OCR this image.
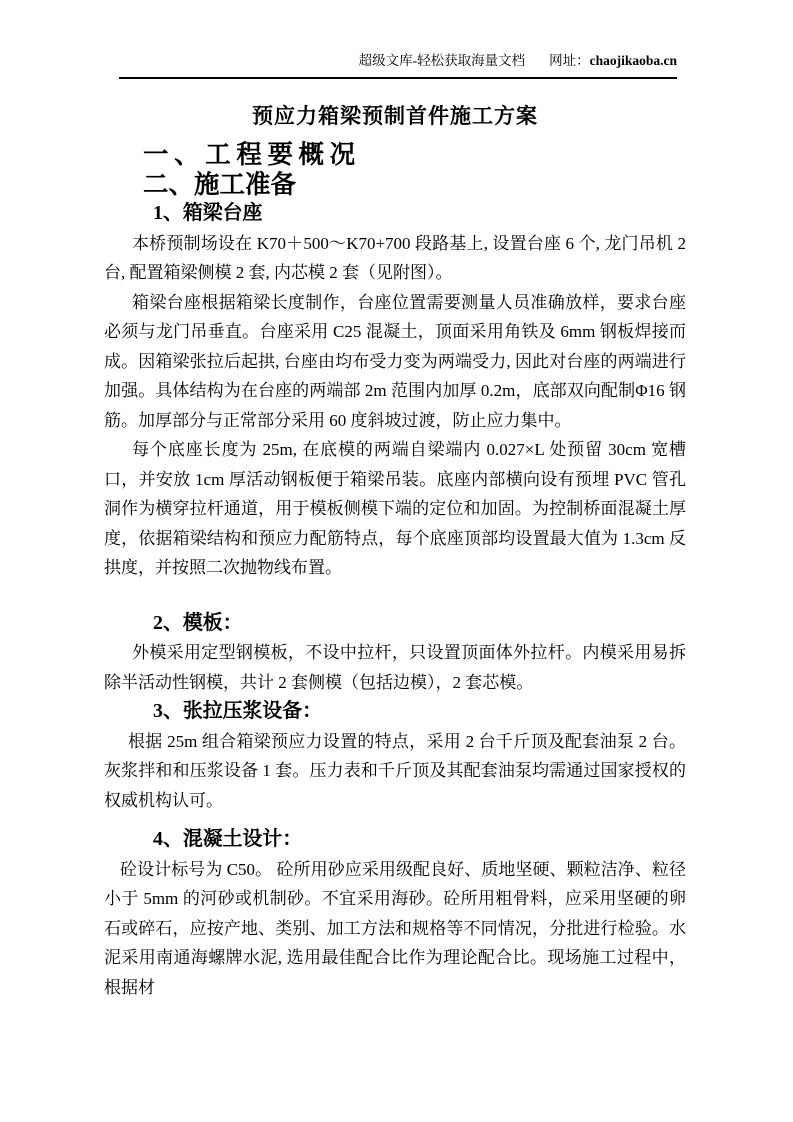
超级文库-轻松获取海量文档 网址：chaojikaoba.cn
预应力箱梁预制首件施工方案
一、工程要概况
二、施工准备
1、箱梁台座

本桥预制场设在 K70＋500～K70+700 段路基上, 设置台座 6 个, 龙门吊机 2 台, 配置箱梁侧模 2 套, 内芯模 2 套（见附图）。

箱梁台座根据箱梁长度制作，台座位置需要测量人员准确放样，要求台座必须与龙门吊垂直。台座采用 C25 混凝土，顶面采用角铁及 6mm 钢板焊接而成。因箱梁张拉后起拱, 台座由均布受力变为两端受力, 因此对台座的两端进行加强。具体结构为在台座的两端部 2m 范围内加厚 0.2m，底部双向配制Φ16 钢筋。加厚部分与正常部分采用 60 度斜坡过渡，防止应力集中。

每个底座长度为 25m, 在底模的两端自梁端内 0.027×L 处预留 30cm 宽槽口，并安放 1cm 厚活动钢板便于箱梁吊装。底座内部横向设有预埋 PVC 管孔洞作为横穿拉杆通道，用于模板侧模下端的定位和加固。为控制桥面混凝土厚度，依据箱梁结构和预应力配筋特点，每个底座顶部均设置最大值为 1.3cm 反拱度，并按照二次抛物线布置。

2、模板：

外模采用定型钢模板，不设中拉杆，只设置顶面体外拉杆。内模采用易拆除半活动性钢模，共计 2 套侧模（包括边模），2 套芯模。

3、张拉压浆设备：

根据 25m 组合箱梁预应力设置的特点，采用 2 台千斤顶及配套油泵 2 台。灰浆拌和和压浆设备 1 套。压力表和千斤顶及其配套油泵均需通过国家授权的权威机构认可。

4、混凝土设计：

砼设计标号为 C50。 砼所用砂应采用级配良好、质地坚硬、颗粒洁净、粒径小于 5mm 的河砂或机制砂。不宜采用海砂。砼所用粗骨料，应采用坚硬的卵石或碎石，应按产地、类别、加工方法和规格等不同情况，分批进行检验。水泥采用南通海螺牌水泥, 选用最佳配合比作为理论配合比。现场施工过程中，根据材
